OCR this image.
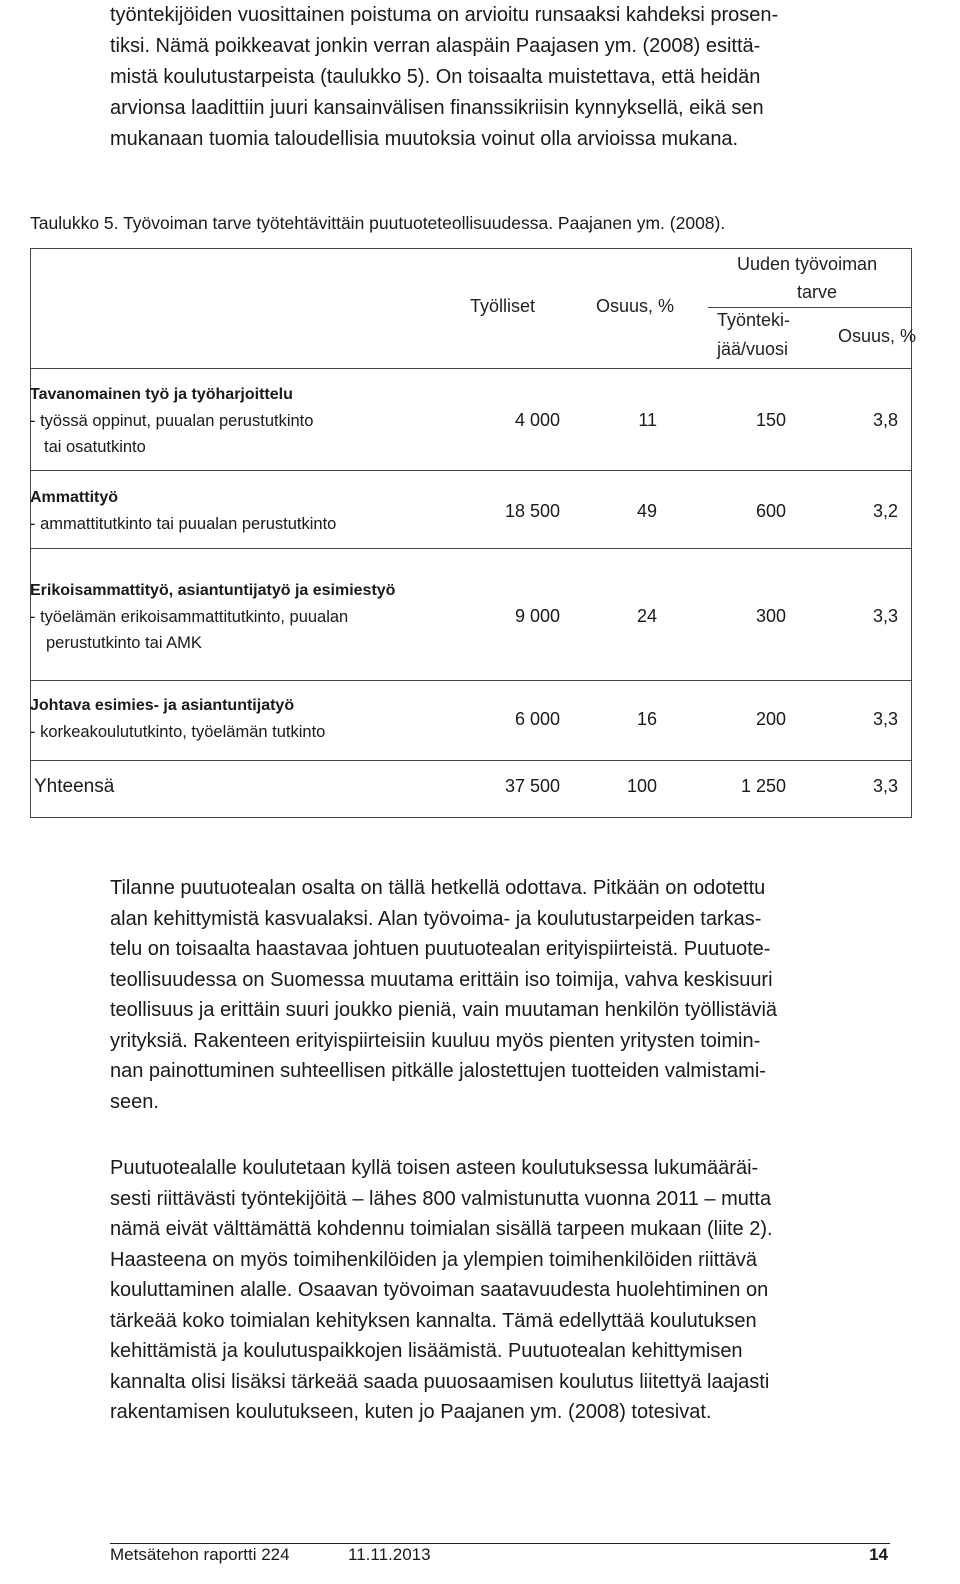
työntekijöiden vuosittainen poistuma on arvioitu runsaaksi kahdeksi prosen-
tiksi. Nämä poikkeavat jonkin verran alaspäin Paajasen ym. (2008) esittä-
mistä koulutustarpeista (taulukko 5). On toisaalta muistettava, että heidän
arvionsa laadittiin juuri kansainvälisen finanssikriisin kynnyksellä, eikä sen
mukanaan tuomia taloudellisia muutoksia voinut olla arvioissa mukana.
Taulukko 5. Työvoiman tarve työtehtävittäin puutuoteteollisuudessa. Paajanen ym. (2008).
Työlliset	Osuus, %
Uuden työvoiman
tarve
Työnteki-
jää/vuosi
Osuus, %
Tavanomainen työ ja työharjoittelu
- työssä oppinut, puualan perustutkinto
tai osatutkinto
4 000	11	150	3,8
Ammattityö
- ammattitutkinto tai puualan perustutkinto
18 500	49	600	3,2
Erikoisammattityö, asiantuntijatyö ja esimiestyö
- työelämän erikoisammattitutkinto, puualan
perustutkinto tai AMK
9 000	24	300	3,3
Johtava esimies- ja asiantuntijatyö
- korkeakoulututkinto, työelämän tutkinto
6 000	16	200	3,3
Yhteensä	37 500	100	1 250	3,3
Tilanne puutuotealan osalta on tällä hetkellä odottava. Pitkään on odotettu
alan kehittymistä kasvualaksi. Alan työvoima- ja koulutustarpeiden tarkas-
telu on toisaalta haastavaa johtuen puutuotealan erityispiirteistä. Puutuote-
teollisuudessa on Suomessa muutama erittäin iso toimija, vahva keskisuuri
teollisuus ja erittäin suuri joukko pieniä, vain muutaman henkilön työllistäviä
yrityksiä. Rakenteen erityispiirteisiin kuuluu myös pienten yritysten toimin-
nan painottuminen suhteellisen pitkälle jalostettujen tuotteiden valmistami-
seen.
Puutuotealalle koulutetaan kyllä toisen asteen koulutuksessa lukumääräi-
sesti riittävästi työntekijöitä – lähes 800 valmistunutta vuonna 2011 – mutta
nämä eivät välttämättä kohdennu toimialan sisällä tarpeen mukaan (liite 2).
Haasteena on myös toimihenkilöiden ja ylempien toimihenkilöiden riittävä
kouluttaminen alalle. Osaavan työvoiman saatavuudesta huolehtiminen on
tärkeää koko toimialan kehityksen kannalta. Tämä edellyttää koulutuksen
kehittämistä ja koulutuspaikkojen lisäämistä. Puutuotealan kehittymisen
kannalta olisi lisäksi tärkeää saada puuosaamisen koulutus liitettyä laajasti
rakentamisen koulutukseen, kuten jo Paajanen ym. (2008) totesivat.
Metsätehon raportti 224	11.11.2013	14
